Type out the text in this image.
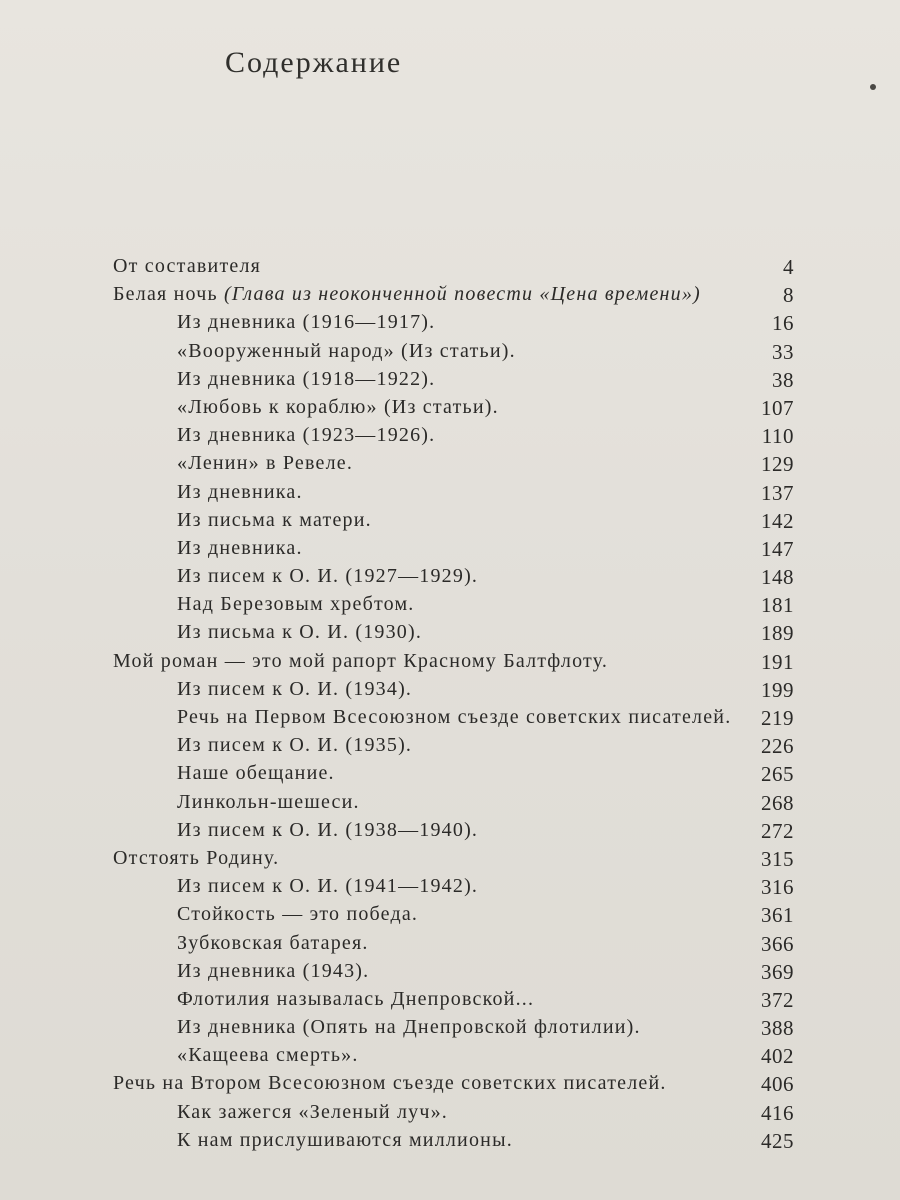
Содержание
От составителя	4
Белая ночь (Глава из неоконченной повести «Цена времени»)	8
Из дневника (1916—1917).	16
«Вооруженный народ» (Из статьи).	33
Из дневника (1918—1922).	38
«Любовь к кораблю» (Из статьи).	107
Из дневника (1923—1926).	110
«Ленин» в Ревеле.	129
Из дневника.	137
Из письма к матери.	142
Из дневника.	147
Из писем к О. И. (1927—1929).	148
Над Березовым хребтом.	181
Из письма к О. И. (1930).	189
Мой роман — это мой рапорт Красному Балтфлоту.	191
Из писем к О. И. (1934).	199
Речь на Первом Всесоюзном съезде советских писателей. 219
Из писем к О. И. (1935).	226
Наше обещание.	265
Линкольн-шешеси.	268
Из писем к О. И. (1938—1940).	272
Отстоять Родину.	315
Из писем к О. И. (1941—1942).	316
Стойкость — это победа.	361
Зубковская батарея.	366
Из дневника (1943).	369
Флотилия называлась Днепровской...	372
Из дневника (Опять на Днепровской флотилии).	388
«Кащеева смерть».	402
Речь на Втором Всесоюзном съезде советских писателей.	406
Как зажегся «Зеленый луч».	416
К нам прислушиваются миллионы.	425
